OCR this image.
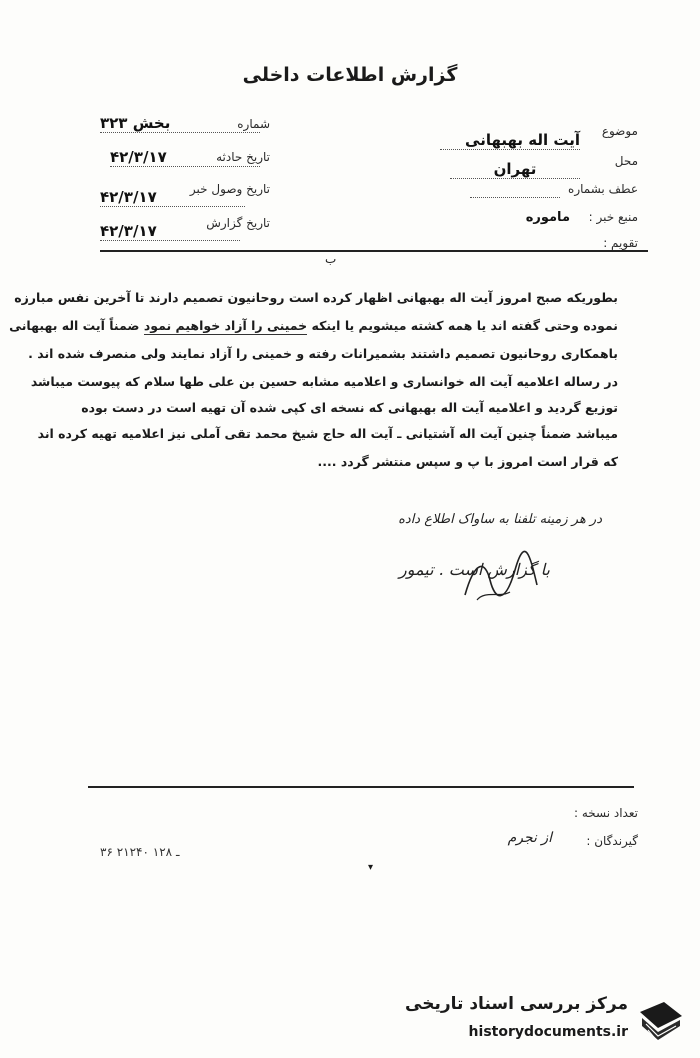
گزارش اطلاعات داخلی
شماره
بخش ۳۲۳
تاریخ حادثه
۴۲/۳/۱۷
تاریخ وصول خبر
۴۲/۳/۱۷
تاریخ گزارش
۴۲/۳/۱۷
موضوع
آیت اله بهبهانی
محل
تهران
عطف بشماره
منبع خبر :
ماموره
تقویم :
ب
بطوریکه صبح امروز آیت اله بهبهانی اظهار کرده است روحانیون تصمیم دارند تا آخرین نفس مبارزه
نموده وحتی گفته اند یا همه کشته میشویم یا اینکه خمینی را آزاد خواهیم نمود ضمناً آیت اله بهبهانی
باهمکاری روحانیون تصمیم داشتند بشمیرانات رفته و خمینی را آزاد نمایند ولی منصرف شده اند .
در رساله اعلامیه آیت اله خوانساری و اعلامیه مشابه حسین بن علی طها سلام که پیوست میباشد
توزیع گردید و اعلامیه آیت اله بهبهانی که نسخه ای کپی شده آن تهیه است در دست بوده
میباشد ضمناً چنین آیت اله آشتیانی ـ آیت اله حاج شیخ محمد تقی آملی نیز اعلامیه تهیه کرده اند
که قرار است امروز با پ و سپس منتشر گردد ....
در هر زمینه تلفنا به ساواک اطلاع داده
با گزارش است . تیمور
تعداد نسخه :
گیرندگان :
از نجرم
۳۶ ـ ۱۲۸ ۲۱۲۴۰
▾
مرکز بررسی اسناد تاریخی
historydocuments.ir
